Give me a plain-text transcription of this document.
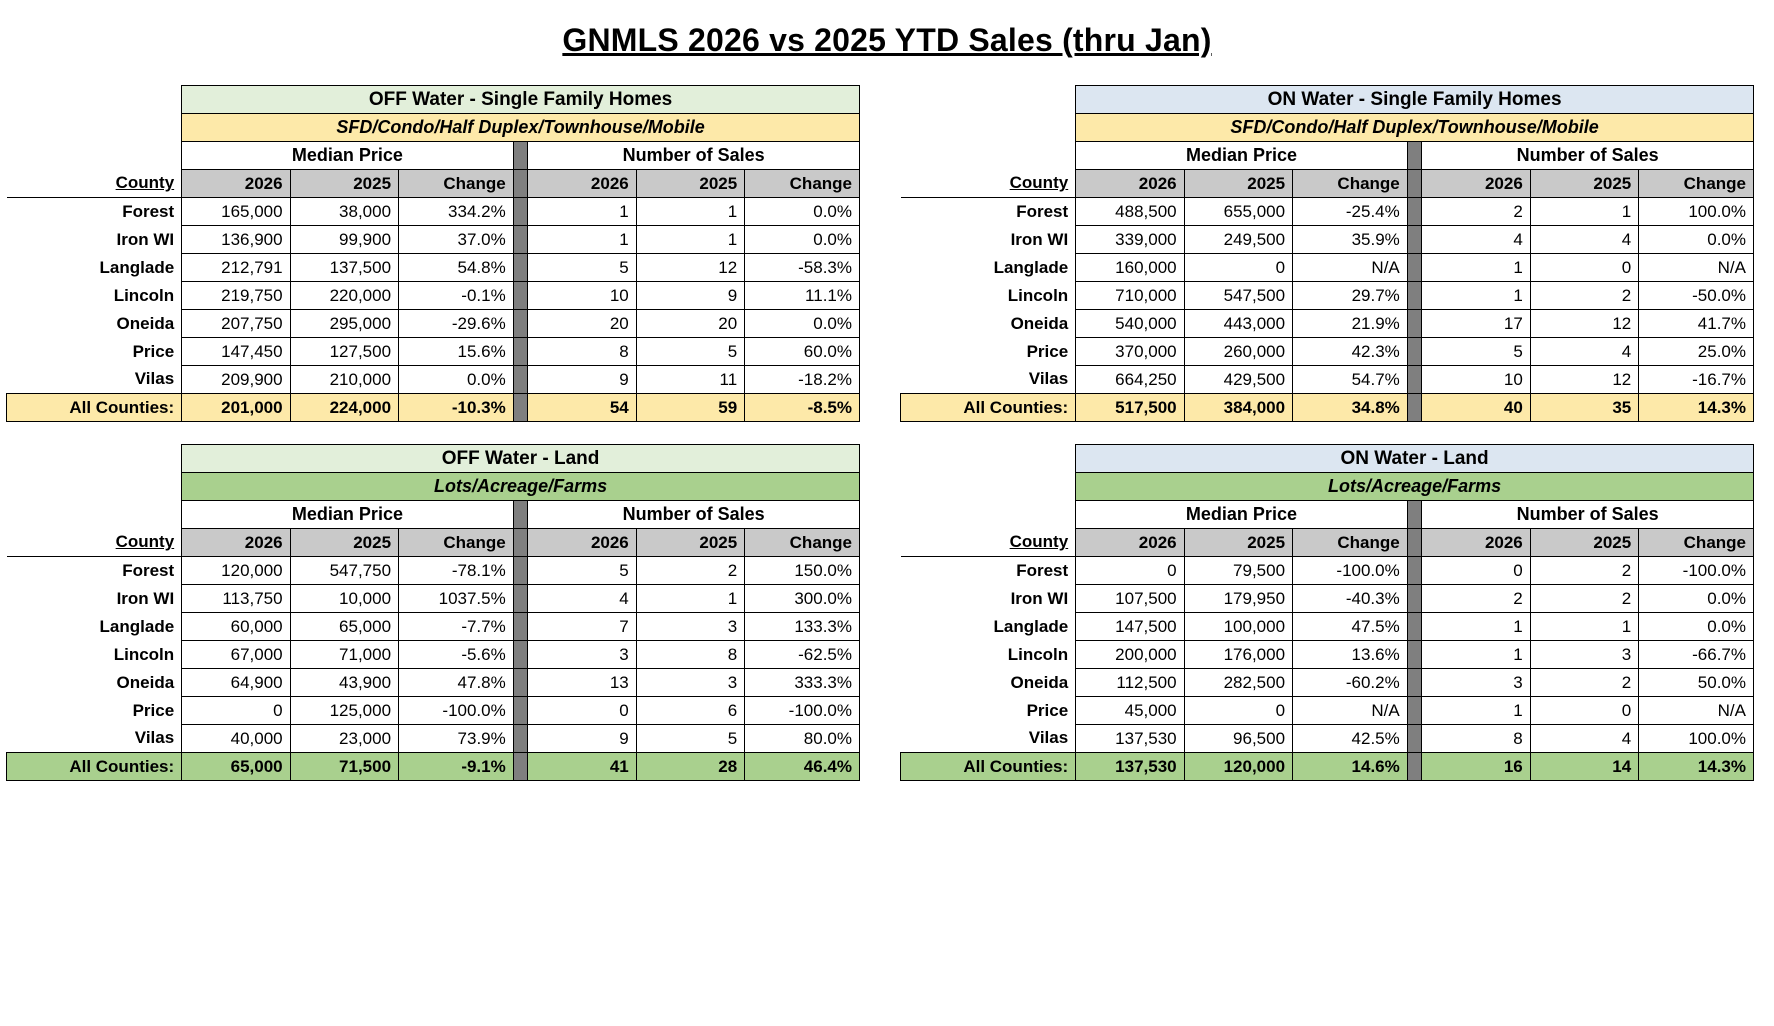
GNMLS 2026 vs 2025 YTD Sales (thru Jan)
	OFF Water - Single Family Homes						
	SFD/Condo/Half Duplex/Townhouse/Mobile						
	Median Price				Number of Sales		
County	2026	2025	Change		2026	2025	Change
Forest	165,000	38,000	334.2%		1	1	0.0%
Iron WI	136,900	99,900	37.0%		1	1	0.0%
Langlade	212,791	137,500	54.8%		5	12	-58.3%
Lincoln	219,750	220,000	-0.1%		10	9	11.1%
Oneida	207,750	295,000	-29.6%		20	20	0.0%
Price	147,450	127,500	15.6%		8	5	60.0%
Vilas	209,900	210,000	0.0%		9	11	-18.2%
All Counties:	201,000	224,000	-10.3%		54	59	-8.5%
	ON Water - Single Family Homes						
	SFD/Condo/Half Duplex/Townhouse/Mobile						
	Median Price				Number of Sales		
County	2026	2025	Change		2026	2025	Change
Forest	488,500	655,000	-25.4%		2	1	100.0%
Iron WI	339,000	249,500	35.9%		4	4	0.0%
Langlade	160,000	0	N/A		1	0	N/A
Lincoln	710,000	547,500	29.7%		1	2	-50.0%
Oneida	540,000	443,000	21.9%		17	12	41.7%
Price	370,000	260,000	42.3%		5	4	25.0%
Vilas	664,250	429,500	54.7%		10	12	-16.7%
All Counties:	517,500	384,000	34.8%		40	35	14.3%
	OFF Water - Land						
	Lots/Acreage/Farms						
	Median Price				Number of Sales		
County	2026	2025	Change		2026	2025	Change
Forest	120,000	547,750	-78.1%		5	2	150.0%
Iron WI	113,750	10,000	1037.5%		4	1	300.0%
Langlade	60,000	65,000	-7.7%		7	3	133.3%
Lincoln	67,000	71,000	-5.6%		3	8	-62.5%
Oneida	64,900	43,900	47.8%		13	3	333.3%
Price	0	125,000	-100.0%		0	6	-100.0%
Vilas	40,000	23,000	73.9%		9	5	80.0%
All Counties:	65,000	71,500	-9.1%		41	28	46.4%
	ON Water - Land						
	Lots/Acreage/Farms						
	Median Price				Number of Sales		
County	2026	2025	Change		2026	2025	Change
Forest	0	79,500	-100.0%		0	2	-100.0%
Iron WI	107,500	179,950	-40.3%		2	2	0.0%
Langlade	147,500	100,000	47.5%		1	1	0.0%
Lincoln	200,000	176,000	13.6%		1	3	-66.7%
Oneida	112,500	282,500	-60.2%		3	2	50.0%
Price	45,000	0	N/A		1	0	N/A
Vilas	137,530	96,500	42.5%		8	4	100.0%
All Counties:	137,530	120,000	14.6%		16	14	14.3%
